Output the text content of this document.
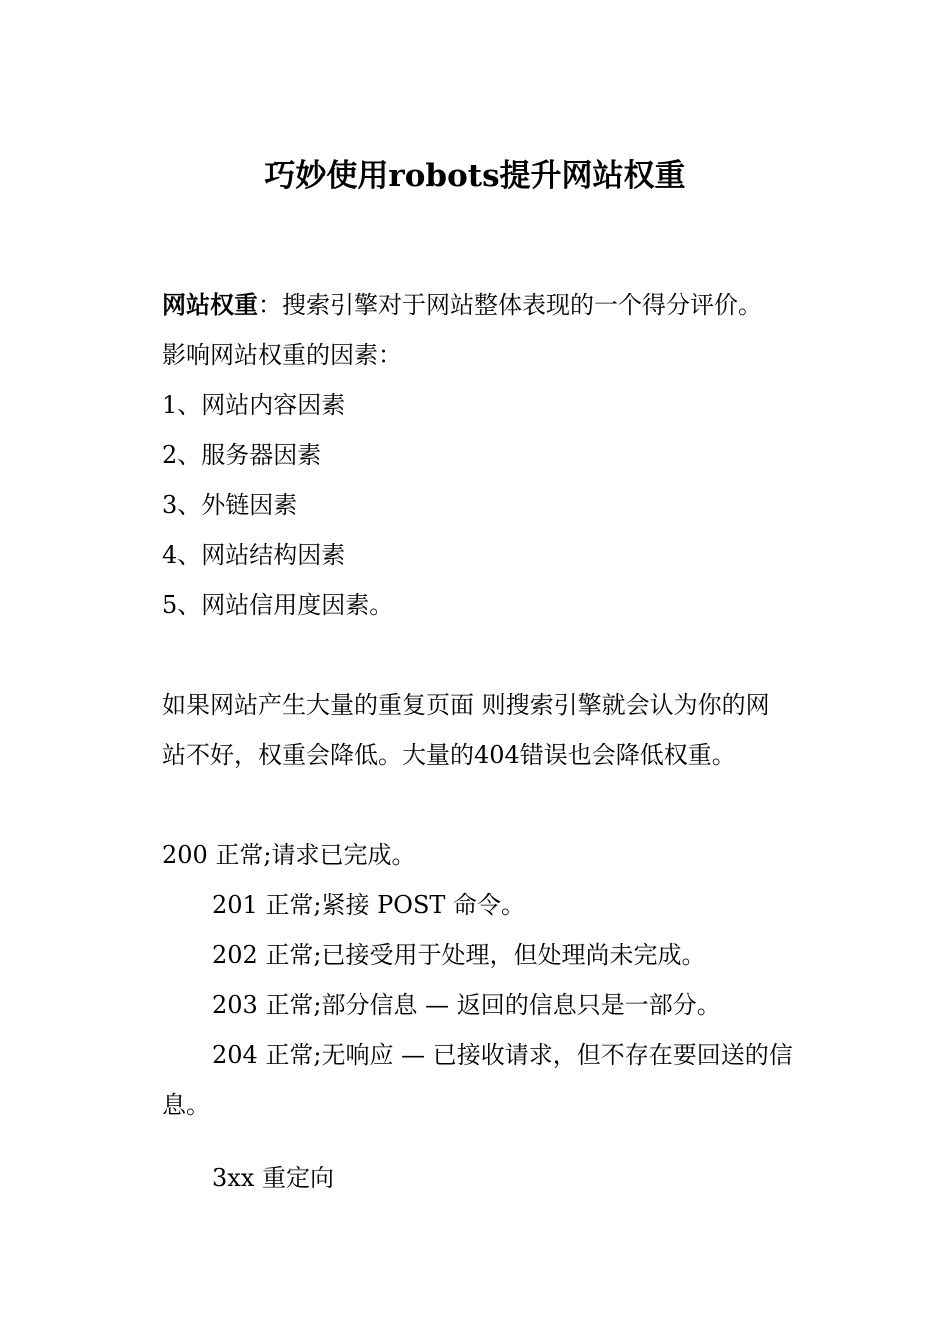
巧妙使用robots提升网站权重

网站权重：搜索引擎对于网站整体表现的一个得分评价。

影响网站权重的因素：

1、网站内容因素

2、服务器因素

3、外链因素

4、网站结构因素

5、网站信用度因素。

如果网站产生大量的重复页面 则搜索引擎就会认为你的网

站不好，权重会降低。大量的404错误也会降低权重。

200 正常;请求已完成。

201 正常;紧接 POST 命令。

202 正常;已接受用于处理，但处理尚未完成。

203 正常;部分信息 — 返回的信息只是一部分。

204 正常;无响应 — 已接收请求，但不存在要回送的信

息。

3xx 重定向
